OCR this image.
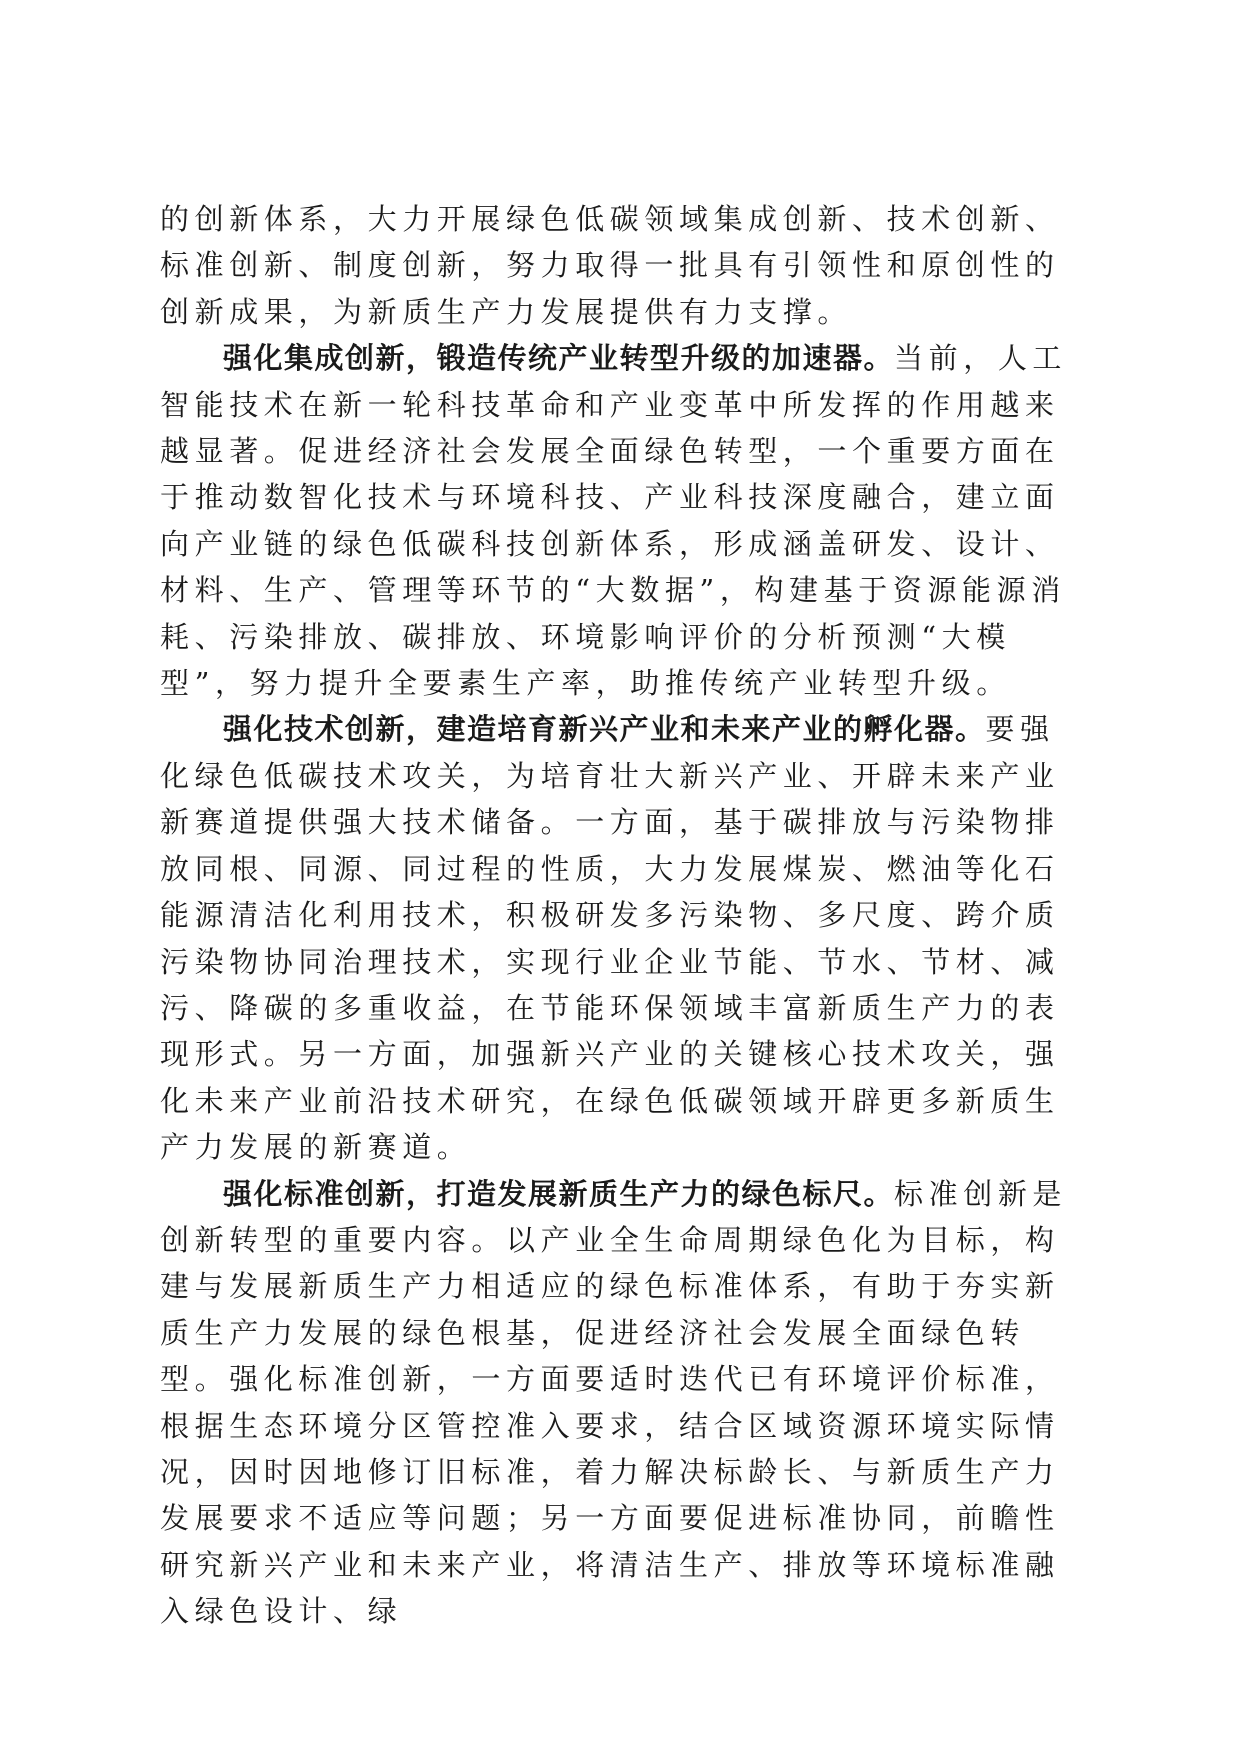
的创新体系，大力开展绿色低碳领域集成创新、技术创新、标准创新、制度创新，努力取得一批具有引领性和原创性的创新成果，为新质生产力发展提供有力支撑。

强化集成创新，锻造传统产业转型升级的加速器。当前，人工智能技术在新一轮科技革命和产业变革中所发挥的作用越来越显著。促进经济社会发展全面绿色转型，一个重要方面在于推动数智化技术与环境科技、产业科技深度融合，建立面向产业链的绿色低碳科技创新体系，形成涵盖研发、设计、材料、生产、管理等环节的“大数据”，构建基于资源能源消耗、污染排放、碳排放、环境影响评价的分析预测“大模型”，努力提升全要素生产率，助推传统产业转型升级。

强化技术创新，建造培育新兴产业和未来产业的孵化器。要强化绿色低碳技术攻关，为培育壮大新兴产业、开辟未来产业新赛道提供强大技术储备。一方面，基于碳排放与污染物排放同根、同源、同过程的性质，大力发展煤炭、燃油等化石能源清洁化利用技术，积极研发多污染物、多尺度、跨介质污染物协同治理技术，实现行业企业节能、节水、节材、减污、降碳的多重收益，在节能环保领域丰富新质生产力的表现形式。另一方面，加强新兴产业的关键核心技术攻关，强化未来产业前沿技术研究，在绿色低碳领域开辟更多新质生产力发展的新赛道。

强化标准创新，打造发展新质生产力的绿色标尺。标准创新是创新转型的重要内容。以产业全生命周期绿色化为目标，构建与发展新质生产力相适应的绿色标准体系，有助于夯实新质生产力发展的绿色根基，促进经济社会发展全面绿色转型。强化标准创新，一方面要适时迭代已有环境评价标准，根据生态环境分区管控准入要求，结合区域资源环境实际情况，因时因地修订旧标准，着力解决标龄长、与新质生产力发展要求不适应等问题；另一方面要促进标准协同，前瞻性研究新兴产业和未来产业，将清洁生产、排放等环境标准融入绿色设计、绿
